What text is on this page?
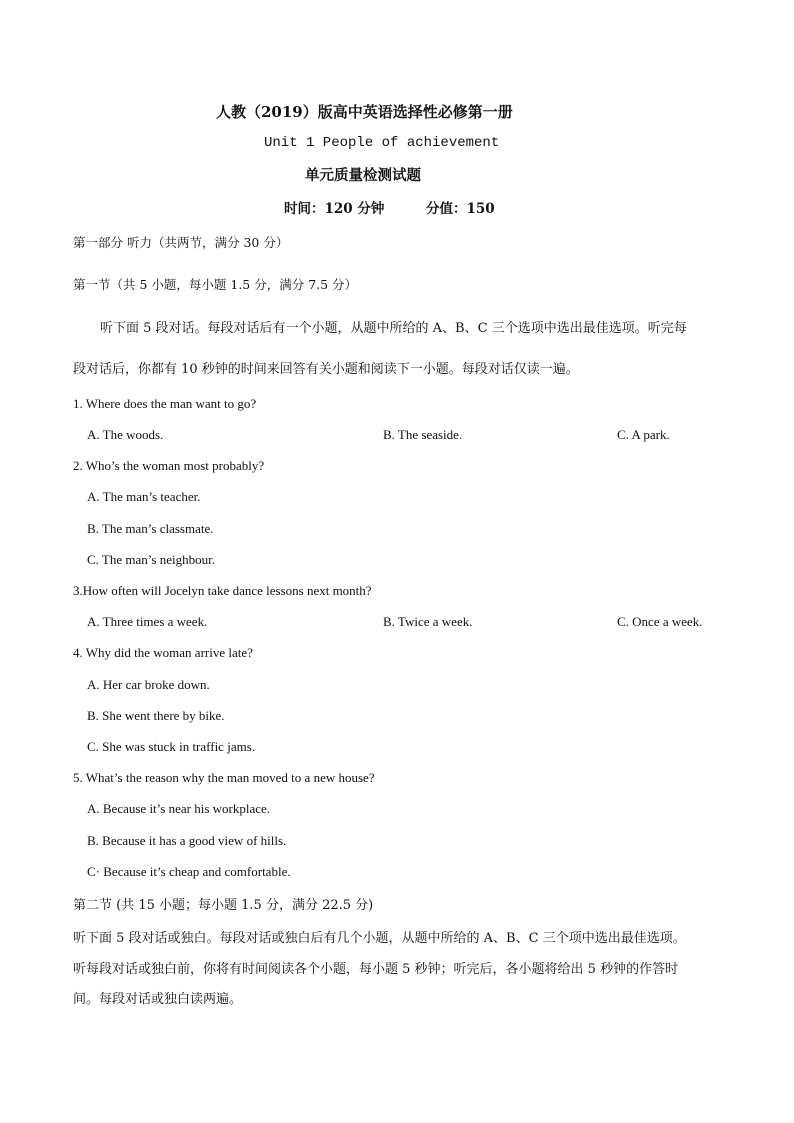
人教（2019）版高中英语选择性必修第一册
Unit 1 People of achievement
单元质量检测试题
时间：120 分钟	分值：150
第一部分 听力（共两节，满分 30 分）
第一节（共 5 小题，每小题 1.5 分，满分 7.5 分）
听下面 5 段对话。每段对话后有一个小题，从题中所给的 A、B、C 三个选项中选出最佳选项。听完每
段对话后，你都有 10 秒钟的时间来回答有关小题和阅读下一小题。每段对话仅读一遍。
1. Where does the man want to go?
A. The woods.	B. The seaside.	C. A park.
2. Who’s the woman most probably?
A. The man’s teacher.
B. The man’s classmate.
C. The man’s neighbour.
3.How often will Jocelyn take dance lessons next month?
A. Three times a week.	B. Twice a week.	C. Once a week.
4. Why did the woman arrive late?
A. Her car broke down.
B. She went there by bike.
C. She was stuck in traffic jams.
5. What’s the reason why the man moved to a new house?
A. Because it’s near his workplace.
B. Because it has a good view of hills.
C· Because it’s cheap and comfortable.
第二节 (共 15 小题；每小题 1.5 分，满分 22.5 分)
听下面 5 段对话或独白。每段对话或独白后有几个小题，从题中所给的 A、B、C 三个项中选出最佳选项。
听每段对话或独白前，你将有时间阅读各个小题，每小题 5 秒钟；听完后，各小题将给出 5 秒钟的作答时
间。每段对话或独白读两遍。
